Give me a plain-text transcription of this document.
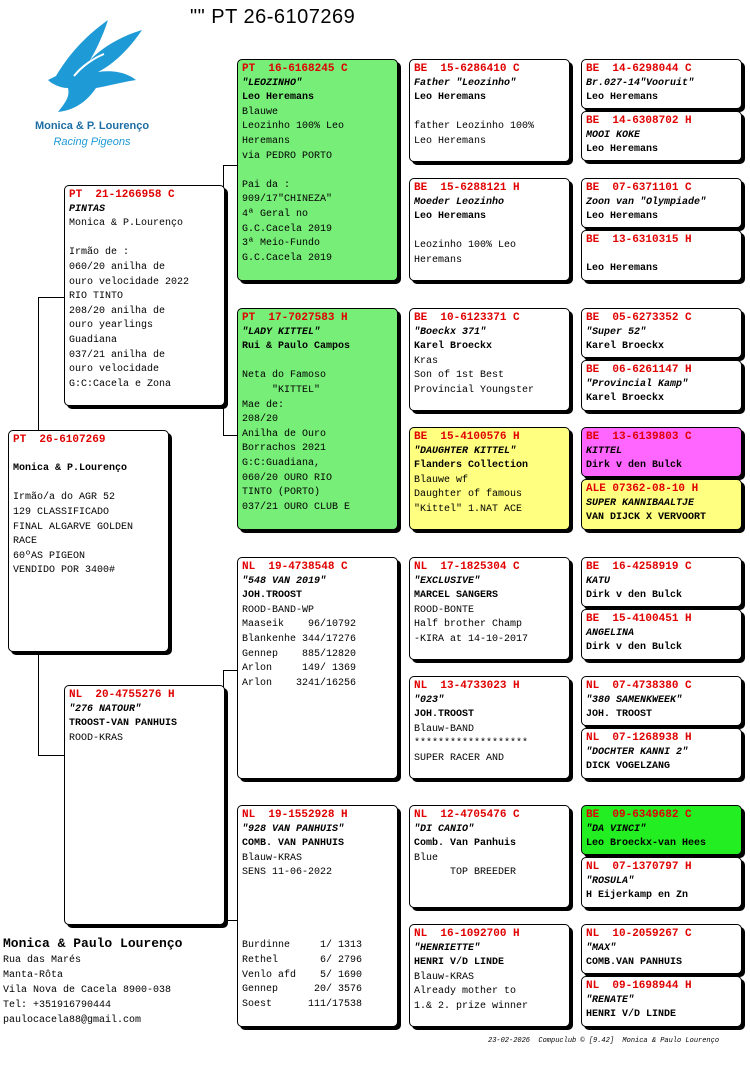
"" PT 26-6107269
Monica & P. Lourenço
Racing Pigeons
PT  26-6107269
Monica & P.Lourenço
Irmão/a do AGR 52
129 CLASSIFICADO
FINAL ALGARVE GOLDEN
RACE
60ºAS PIGEON
VENDIDO POR 3400#
PT  21-1266958 C
PINTAS
Monica & P.Lourenço
Irmão de :
060/20 anilha de
ouro velocidade 2022
RIO TINTO
208/20 anilha de
ouro yearlings
Guadiana
037/21 anilha de
ouro velocidade
G:C:Cacela e Zona
NL  20-4755276 H
"276 NATOUR"
TROOST-VAN PANHUIS
ROOD-KRAS
PT  16-6168245 C
"LEOZINHO"
Leo Heremans
Blauwe
Leozinho 100% Leo
Heremans
via PEDRO PORTO
Pai da :
909/17"CHINEZA"
4ª Geral no
G.C.Cacela 2019
3ª Meio-Fundo
G.C.Cacela 2019
PT  17-7027583 H
"LADY KITTEL"
Rui & Paulo Campos
Neta do Famoso
"KITTEL"
Mae de:
208/20
Anilha de Ouro
Borrachos 2021
G:C:Guadiana,
060/20 OURO RIO
TINTO (PORTO)
037/21 OURO CLUB E
NL  19-4738548 C
"548 VAN 2019"
JOH.TROOST
ROOD-BAND-WP
Maaseik    96/10792
Blankenhe 344/17276
Gennep    885/12820
Arlon     149/ 1369
Arlon    3241/16256
NL  19-1552928 H
"928 VAN PANHUIS"
COMB. VAN PANHUIS
Blauw-KRAS
SENS 11-06-2022
Burdinne     1/ 1313
Rethel       6/ 2796
Venlo afd    5/ 1690
Gennep      20/ 3576
Soest      111/17538
BE  15-6286410 C
Father "Leozinho"
Leo Heremans
father Leozinho 100%
Leo Heremans
BE  15-6288121 H
Moeder Leozinho
Leo Heremans
Leozinho 100% Leo
Heremans
BE  10-6123371 C
"Boeckx 371"
Karel Broeckx
Kras
Son of 1st Best
Provincial Youngster
BE  15-4100576 H
"DAUGHTER KITTEL"
Flanders Collection
Blauwe wf
Daughter of famous
"Kittel" 1.NAT ACE
NL  17-1825304 C
"EXCLUSIVE"
MARCEL SANGERS
ROOD-BONTE
Half brother Champ
-KIRA at 14-10-2017
NL  13-4733023 H
"023"
JOH.TROOST
Blauw-BAND
*******************
SUPER RACER AND
NL  12-4705476 C
"DI CANIO"
Comb. Van Panhuis
Blue
TOP BREEDER
NL  16-1092700 H
"HENRIETTE"
HENRI V/D LINDE
Blauw-KRAS
Already mother to
1.& 2. prize winner
BE  14-6298044 C
Br.027-14"Vooruit"
Leo Heremans
BE  14-6308702 H
MOOI KOKE
Leo Heremans
BE  07-6371101 C
Zoon van "Olympiade"
Leo Heremans
BE  13-6310315 H
Leo Heremans
BE  05-6273352 C
"Super 52"
Karel Broeckx
BE  06-6261147 H
"Provincial Kamp"
Karel Broeckx
BE  13-6139803 C
KITTEL
Dirk v den Bulck
ALE 07362-08-10 H
SUPER KANNIBAALTJE
VAN DIJCK X VERVOORT
BE  16-4258919 C
KATU
Dirk v den Bulck
BE  15-4100451 H
ANGELINA
Dirk v den Bulck
NL  07-4738380 C
"380 SAMENKWEEK"
JOH. TROOST
NL  07-1268938 H
"DOCHTER KANNI 2"
DICK VOGELZANG
BE  09-6349682 C
"DA VINCI"
Leo Broeckx-van Hees
NL  07-1370797 H
"ROSULA"
H Eijerkamp en Zn
NL  10-2059267 C
"MAX"
COMB.VAN PANHUIS
NL  09-1698944 H
"RENATE"
HENRI V/D LINDE
Monica & Paulo Lourenço
Rua das Marés
Manta-Rôta
Vila Nova de Cacela 8900-038
Tel: +351916790444
paulocacela88@gmail.com
23-02-2026  Compuclub © [9.42]  Monica & Paulo Lourenço
